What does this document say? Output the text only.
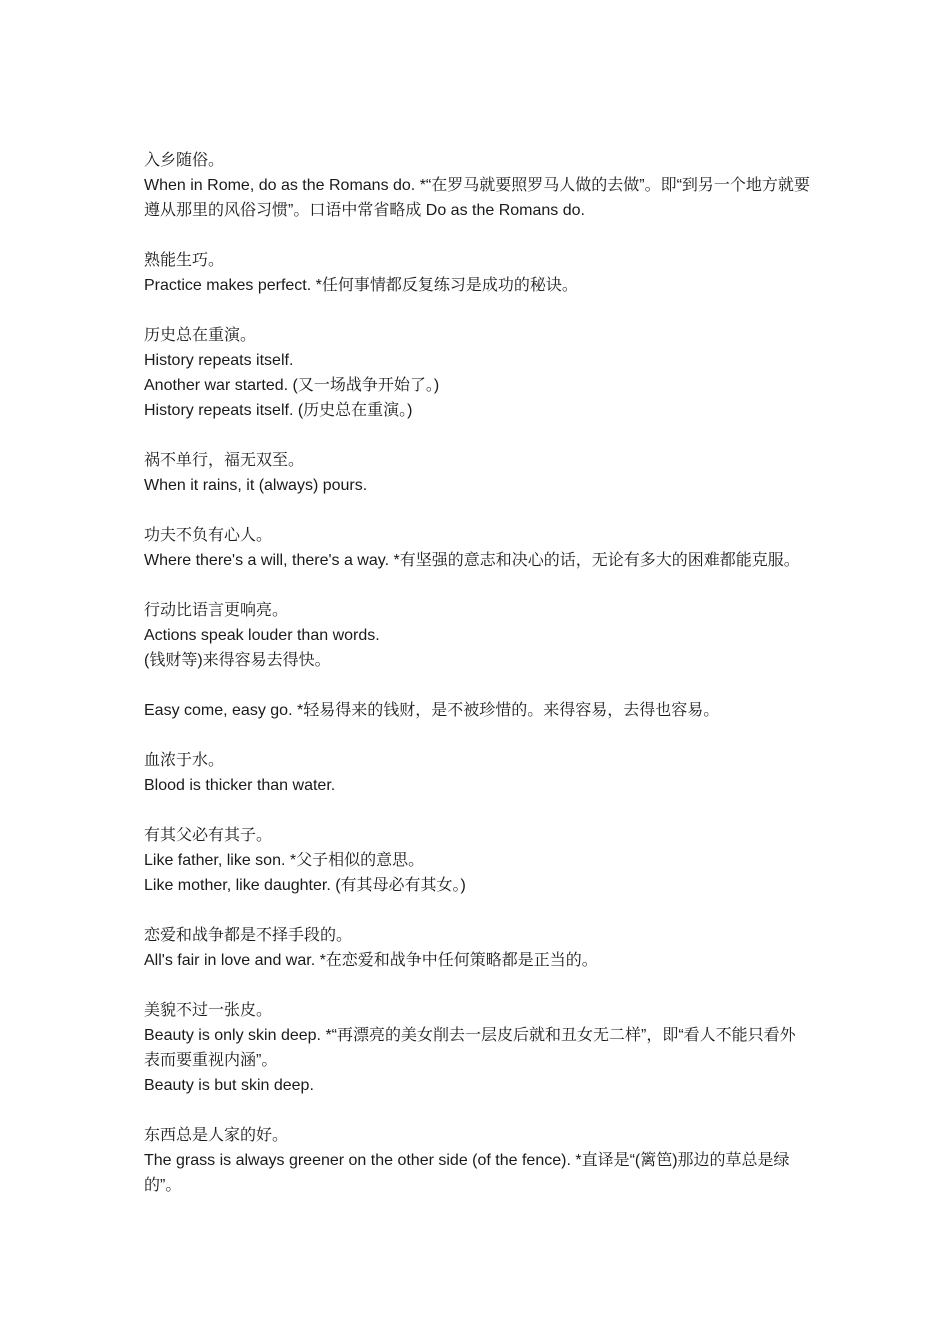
入乡随俗。
When in Rome, do as the Romans do. *“在罗马就要照罗马人做的去做”。即“到另一个地方就要遵从那里的风俗习惯”。口语中常省略成 Do as the Romans do.
熟能生巧。
Practice makes perfect. *任何事情都反复练习是成功的秘诀。
历史总在重演。
History repeats itself.
Another war started. (又一场战争开始了。)
History repeats itself. (历史总在重演。)
祸不单行，福无双至。
When it rains, it (always) pours.
功夫不负有心人。
Where there's a will, there's a way. *有坚强的意志和决心的话，无论有多大的困难都能克服。
行动比语言更响亮。
Actions speak louder than words.
(钱财等)来得容易去得快。
Easy come, easy go. *轻易得来的钱财，是不被珍惜的。来得容易，去得也容易。
血浓于水。
Blood is thicker than water.
有其父必有其子。
Like father, like son. *父子相似的意思。
Like mother, like daughter. (有其母必有其女。)
恋爱和战争都是不择手段的。
All's fair in love and war. *在恋爱和战争中任何策略都是正当的。
美貌不过一张皮。
Beauty is only skin deep. *“再漂亮的美女削去一层皮后就和丑女无二样”，即“看人不能只看外表而要重视内涵”。
Beauty is but skin deep.
东西总是人家的好。
The grass is always greener on the other side (of the fence). *直译是“(篱笆)那边的草总是绿的”。
